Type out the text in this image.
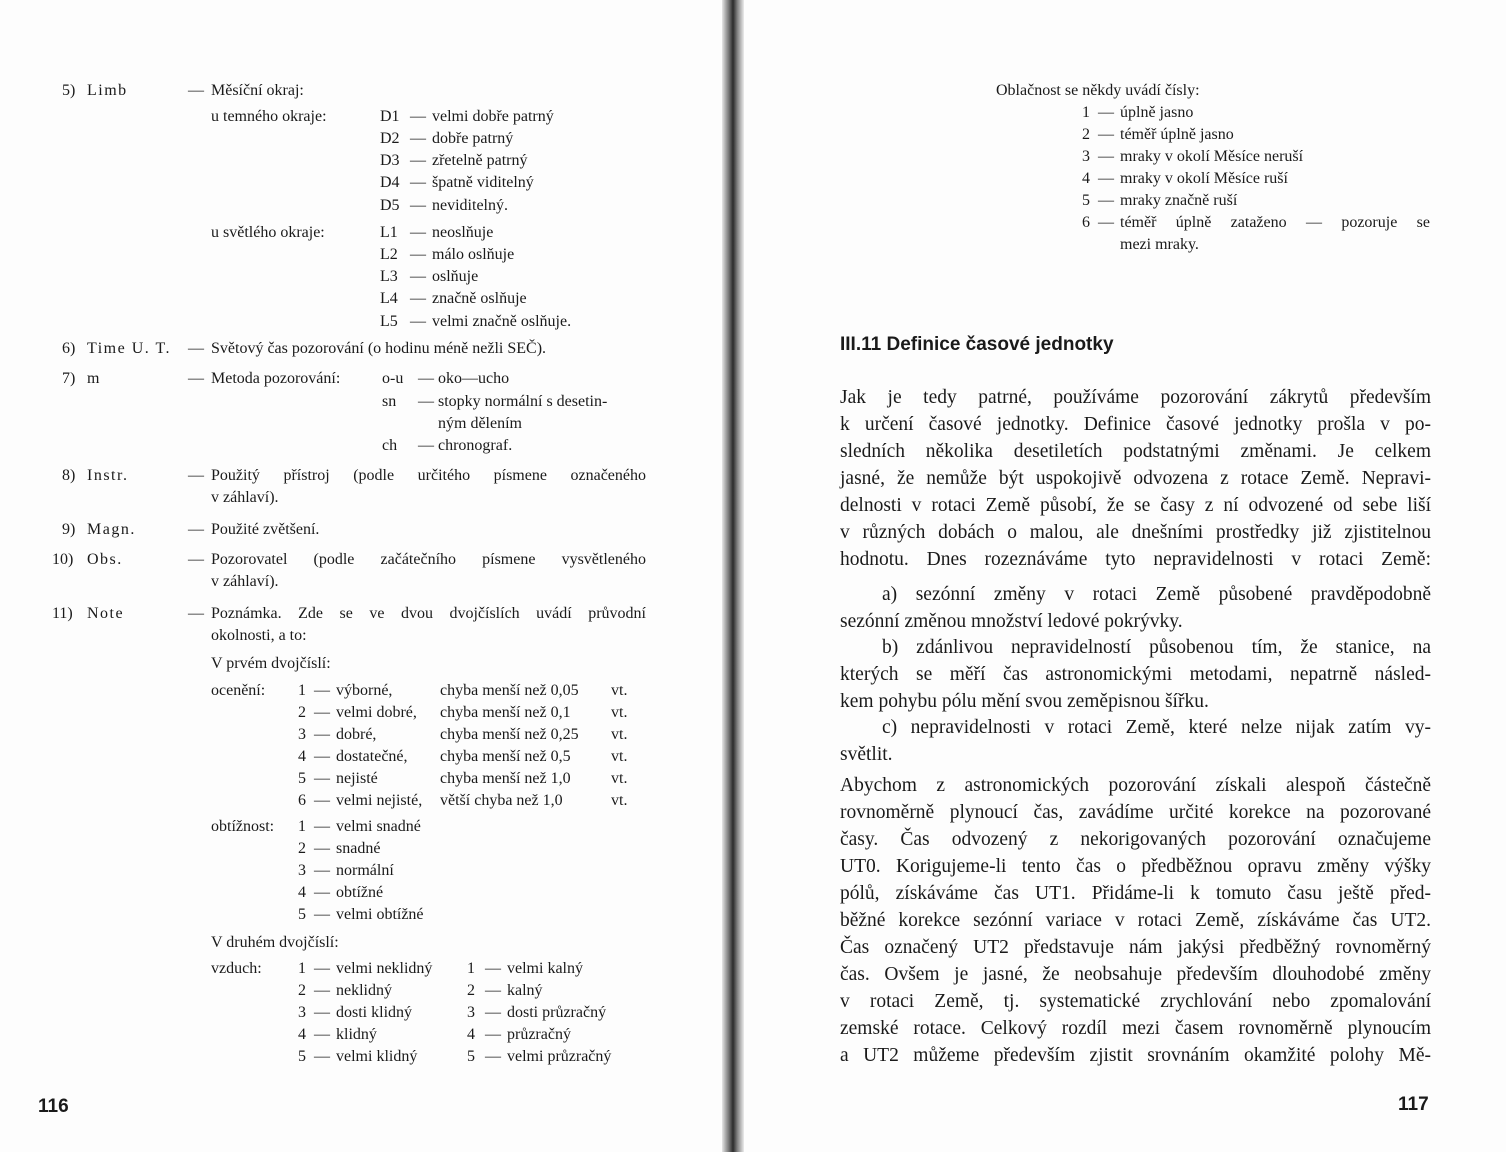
5) Limb	— Měsíční okraj:
u temného okraje:	D1 — velmi dobře patrný
D2 — dobře patrný
D3 — zřetelně patrný
D4 — špatně viditelný
D5 — neviditelný.
u světlého okraje:	L1 — neoslňuje
L2 — málo oslňuje
L3 — oslňuje
L4 — značně oslňuje
L5 — velmi značně oslňuje.
6) Time U. T. — Světový čas pozorování (o hodinu méně nežli SEČ).
7) m	— Metoda pozorování:	o-u — oko—ucho
sn — stopky normální s desetin-
ným dělením
ch — chronograf.
8) Instr.	— Použitý přístroj (podle určitého písmene označeného
v záhlaví).
9) Magn.	— Použité zvětšení.
10) Obs.	— Pozorovatel (podle začátečního písmene vysvětleného
v záhlaví).
11) Note	— Poznámka. Zde se ve dvou dvojčíslích uvádí průvodní
okolnosti, a to:
V prvém dvojčíslí:
ocenění: 1 — výborné,	chyba menší než 0,05 vt.
2 — velmi dobré, chyba menší než 0,1	vt.
3 — dobré,	chyba menší než 0,25 vt.
4 — dostatečné, chyba menší než 0,5	vt.
5 — nejisté	chyba menší než 1,0	vt.
6 — velmi nejisté, větší chyba než 1,0	vt.
obtížnost: 1 — velmi snadné
2 — snadné
3 — normální
4 — obtížné
5 — velmi obtížné
V druhém dvojčíslí:
vzduch: 1 — velmi neklidný 1 — velmi kalný
2 — neklidný	2 — kalný
3 — dosti klidný	3 — dosti průzračný
4 — klidný	4 — průzračný
5 — velmi klidný	5 — velmi průzračný
116
Oblačnost se někdy uvádí čísly:
1 — úplně jasno
2 — téměř úplně jasno
3 — mraky v okolí Měsíce neruší
4 — mraky v okolí Měsíce ruší
5 — mraky značně ruší
6 — téměř úplně zataženo — pozoruje se
mezi mraky.
III.11 Definice časové jednotky
Jak je tedy patrné, používáme pozorování zákrytů především
k určení časové jednotky. Definice časové jednotky prošla v po-
sledních několika desetiletích podstatnými změnami. Je celkem
jasné, že nemůže být uspokojivě odvozena z rotace Země. Nepravi-
delnosti v rotaci Země působí, že se časy z ní odvozené od sebe liší
v různých dobách o malou, ale dnešními prostředky již zjistitelnou
hodnotu. Dnes rozeznáváme tyto nepravidelnosti v rotaci Země:
a) sezónní změny v rotaci Země působené pravděpodobně
sezónní změnou množství ledové pokrývky.
b) zdánlivou nepravidelností působenou tím, že stanice, na
kterých se měří čas astronomickými metodami, nepatrně násled-
kem pohybu pólu mění svou zeměpisnou šířku.
c) nepravidelnosti v rotaci Země, které nelze nijak zatím vy-
světlit.
Abychom z astronomických pozorování získali alespoň částečně
rovnoměrně plynoucí čas, zavádíme určité korekce na pozorované
časy. Čas odvozený z nekorigovaných pozorování označujeme
UT0. Korigujeme-li tento čas o předběžnou opravu změny výšky
pólů, získáváme čas UT1. Přidáme-li k tomuto času ještě před-
běžné korekce sezónní variace v rotaci Země, získáváme čas UT2.
Čas označený UT2 představuje nám jakýsi předběžný rovnoměrný
čas. Ovšem je jasné, že neobsahuje především dlouhodobé změny
v rotaci Země, tj. systematické zrychlování nebo zpomalování
zemské rotace. Celkový rozdíl mezi časem rovnoměrně plynoucím
a UT2 můžeme především zjistit srovnáním okamžité polohy Mě-
117
